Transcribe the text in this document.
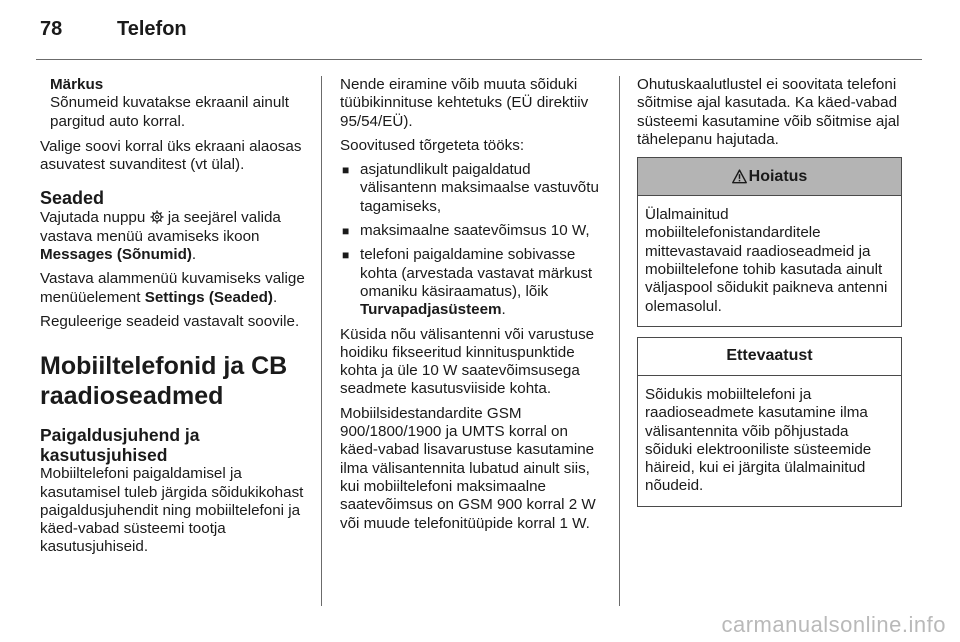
78	Telefon
Märkus
Sõnumeid kuvatakse ekraanil ainult pargitud auto korral.

Valige soovi korral üks ekraani alaosas asuvatest suvanditest (vt ülal).

Seaded

Vajutada nuppu  ja seejärel valida vastava menüü avamiseks ikoon Messages (Sõnumid).

Vastava alammenüü kuvamiseks valige menüüelement Settings (Seaded).

Reguleerige seadeid vastavalt soovile.

Mobiiltelefonid ja CB raadioseadmed
Paigaldusjuhend ja kasutusjuhised

Mobiiltelefoni paigaldamisel ja kasutamisel tuleb järgida sõidukikohast paigaldusjuhendit ning mobiiltelefoni ja käed-vabad süsteemi tootja kasutusjuhiseid.

Nende eiramine võib muuta sõiduki tüübikinnituse kehtetuks (EÜ direktiiv 95/54/EÜ).

Soovitused tõrgeteta tööks:

■ asjatundlikult paigaldatud välisantenn maksimaalse vastuvõtu tagamiseks,
■ maksimaalne saatevõimsus 10 W,
■ telefoni paigaldamine sobivasse kohta (arvestada vastavat märkust omaniku käsiraamatus), lõik Turvapadjasüsteem.

Küsida nõu välisantenni või varustuse hoidiku fikseeritud kinnituspunktide kohta ja üle 10 W saatevõimsusega seadmete kasutusviiside kohta.

Mobiilsidestandardite GSM 900/1800/1900 ja UMTS korral on käed-vabad lisavarustuse kasutamine ilma välisantennita lubatud ainult siis, kui mobiiltelefoni maksimaalne saatevõimsus on GSM 900 korral 2 W või muude telefonitüüpide korral 1 W.

Ohutuskaalutlustel ei soovitata telefoni sõitmise ajal kasutada. Ka käed-vabad süsteemi kasutamine võib sõitmise ajal tähelepanu hajutada.

Hoiatus
Ülalmainitud mobiiltelefonistandarditele mittevastavaid raadioseadmeid ja mobiiltelefone tohib kasutada ainult väljaspool sõidukit paikneva antenni olemasolul.
Ettevaatust
Sõidukis mobiiltelefoni ja raadioseadmete kasutamine ilma välisantennita võib põhjustada sõiduki elektrooniliste süsteemide häireid, kui ei järgita ülalmainitud nõudeid.
carmanualsonline.info
